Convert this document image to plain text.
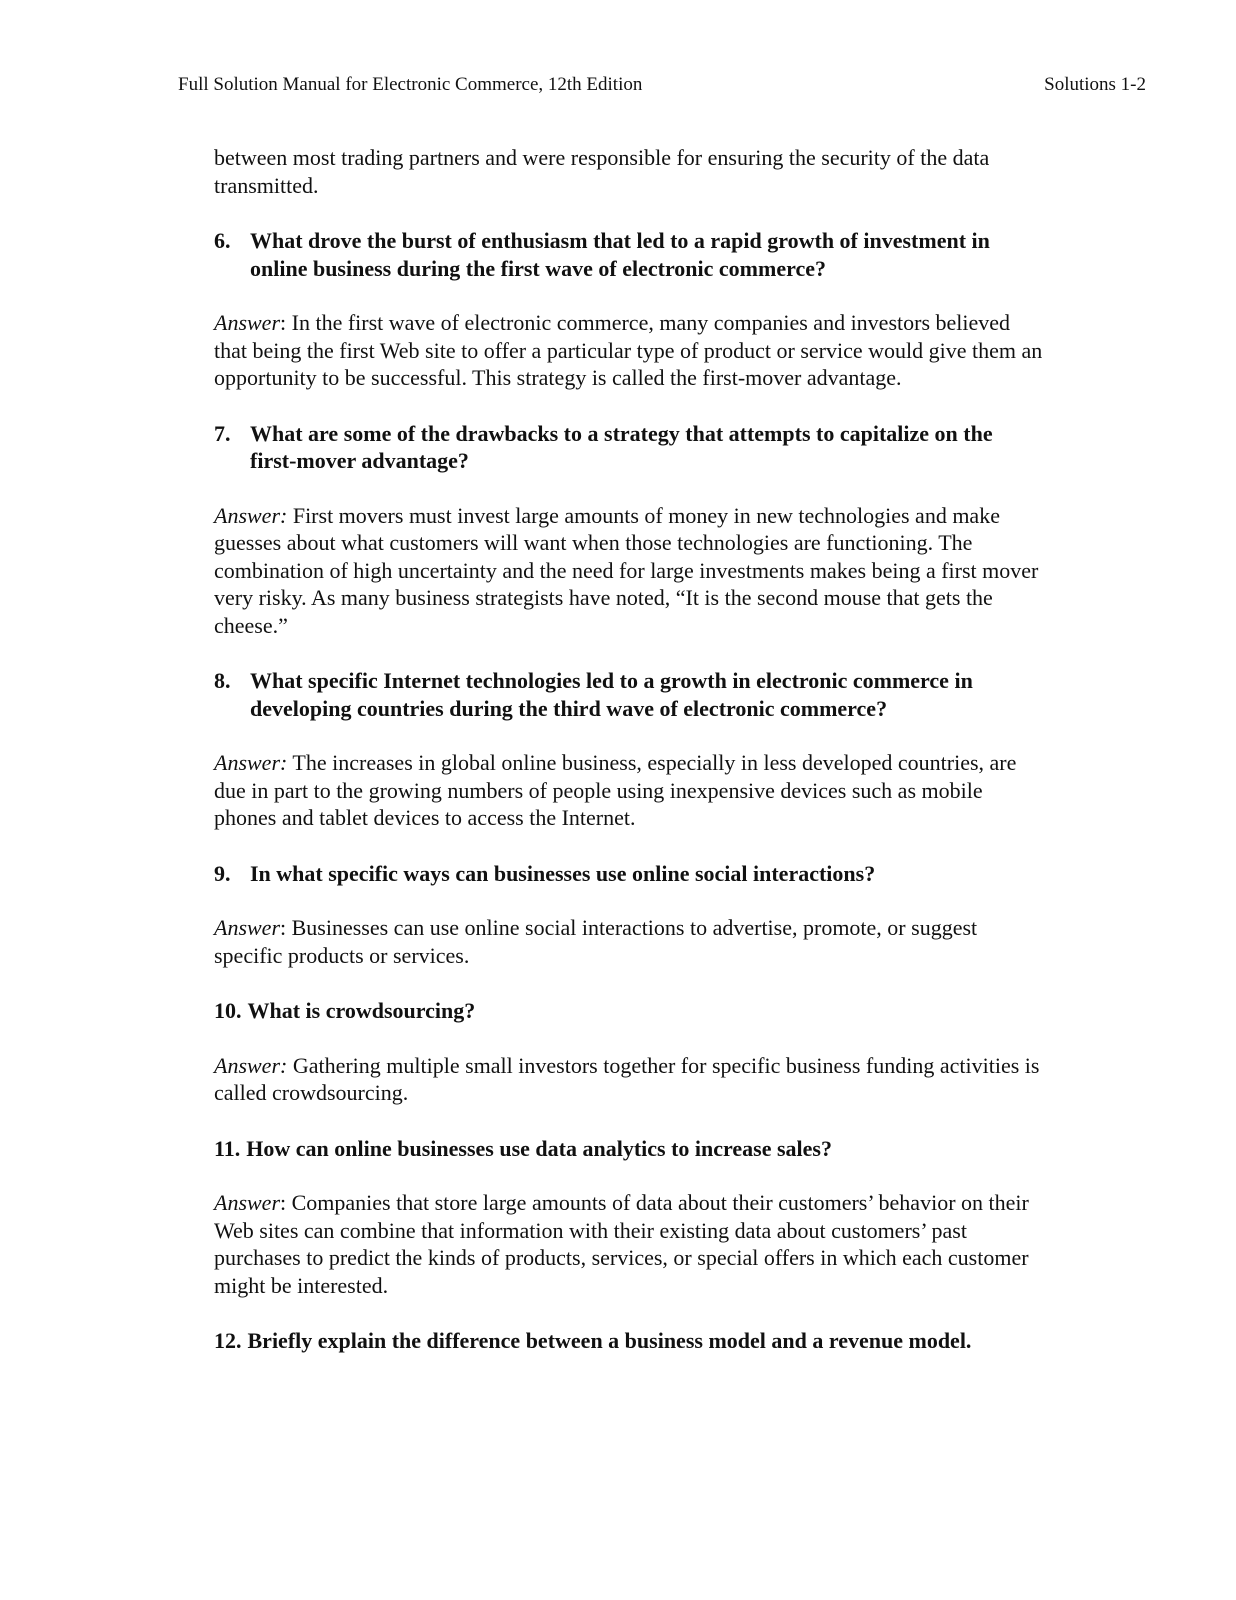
Full Solution Manual for Electronic Commerce, 12th Edition	Solutions 1-2

between most trading partners and were responsible for ensuring the security of the data transmitted.

6. What drove the burst of enthusiasm that led to a rapid growth of investment in online business during the first wave of electronic commerce?

Answer: In the first wave of electronic commerce, many companies and investors believed that being the first Web site to offer a particular type of product or service would give them an opportunity to be successful. This strategy is called the first-mover advantage.

7. What are some of the drawbacks to a strategy that attempts to capitalize on the first-mover advantage?

Answer: First movers must invest large amounts of money in new technologies and make guesses about what customers will want when those technologies are functioning. The combination of high uncertainty and the need for large investments makes being a first mover very risky. As many business strategists have noted, “It is the second mouse that gets the cheese.”

8. What specific Internet technologies led to a growth in electronic commerce in developing countries during the third wave of electronic commerce?

Answer: The increases in global online business, especially in less developed countries, are due in part to the growing numbers of people using inexpensive devices such as mobile phones and tablet devices to access the Internet.

9. In what specific ways can businesses use online social interactions?

Answer: Businesses can use online social interactions to advertise, promote, or suggest specific products or services.

10. What is crowdsourcing?

Answer: Gathering multiple small investors together for specific business funding activities is called crowdsourcing.

11. How can online businesses use data analytics to increase sales?

Answer: Companies that store large amounts of data about their customers’ behavior on their Web sites can combine that information with their existing data about customers’ past purchases to predict the kinds of products, services, or special offers in which each customer might be interested.

12. Briefly explain the difference between a business model and a revenue model.
